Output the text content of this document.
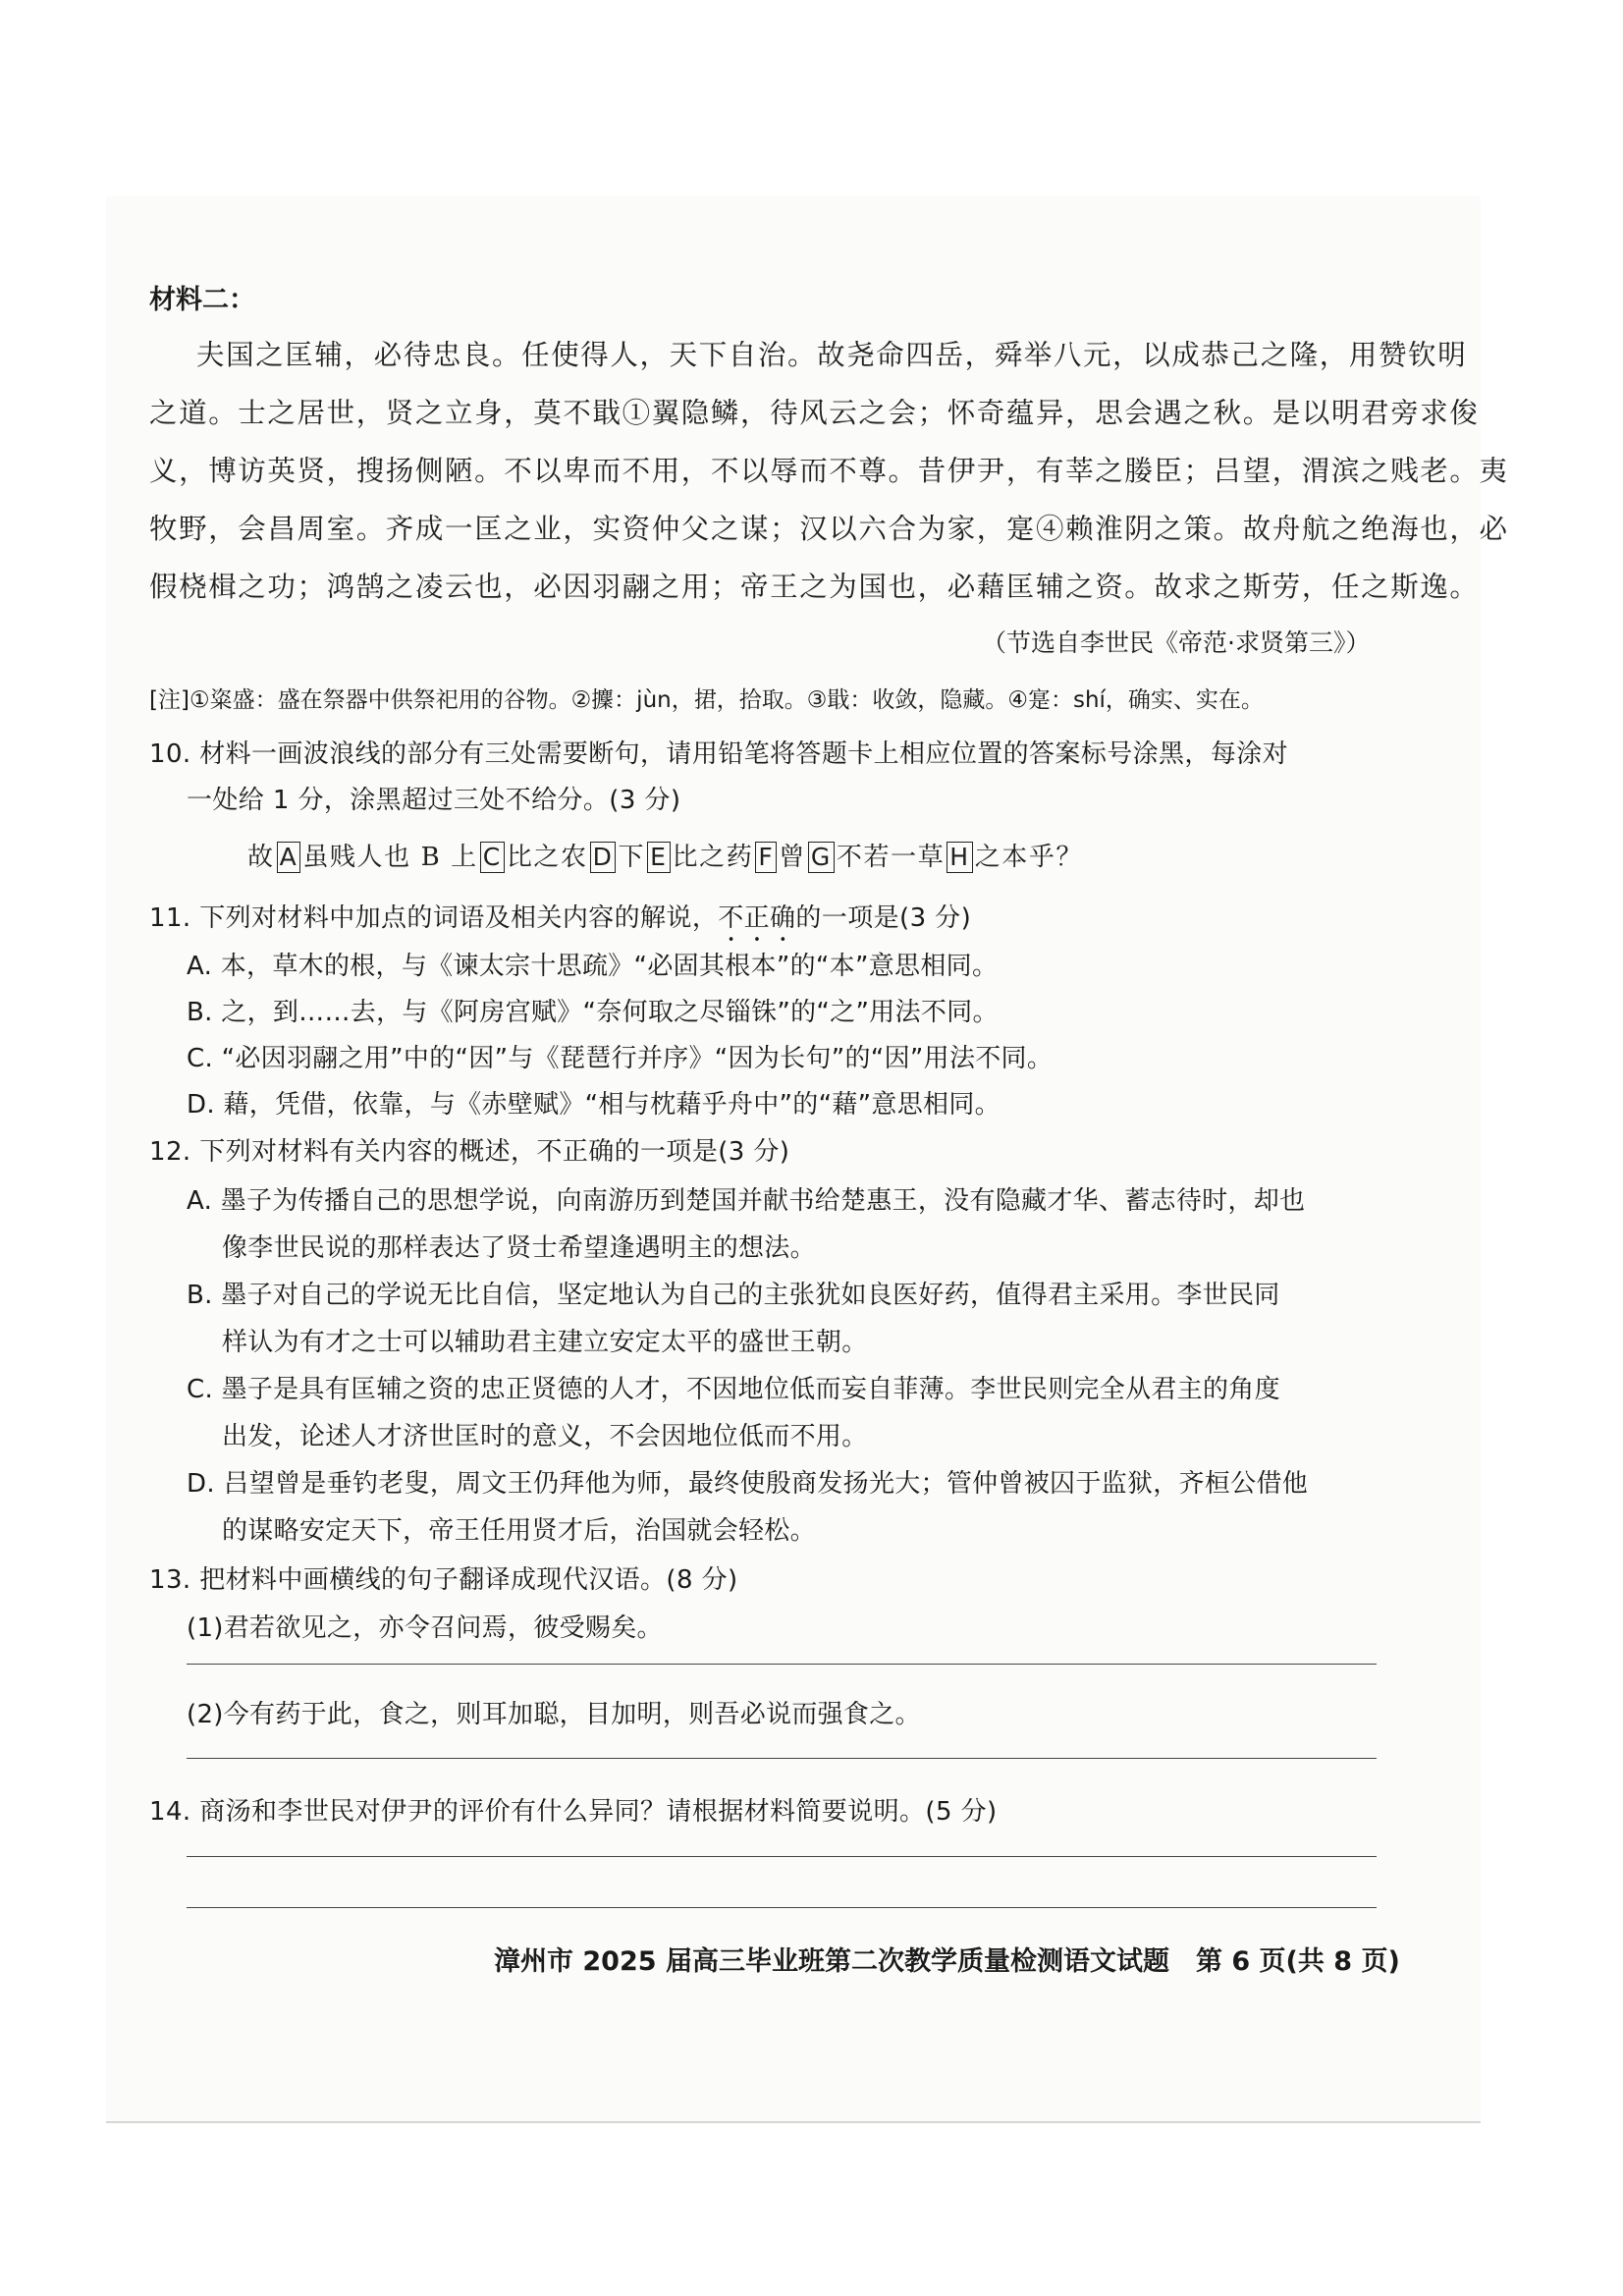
材料二：
夫国之匡辅，必待忠良。任使得人，天下自治。故尧命四岳，舜举八元，以成恭己之隆，用赞钦明
之道。士之居世，贤之立身，莫不戢①翼隐鳞，待风云之会；怀奇蕴异，思会遇之秋。是以明君旁求俊
义，博访英贤，搜扬侧陋。不以卑而不用，不以辱而不尊。昔伊尹，有莘之媵臣；吕望，渭滨之贱老。夷
牧野，会昌周室。齐成一匡之业，实资仲父之谋；汉以六合为家，寔④赖淮阴之策。故舟航之绝海也，必
假桡楫之功；鸿鹄之凌云也，必因羽翮之用；帝王之为国也，必藉匡辅之资。故求之斯劳，任之斯逸。
（节选自李世民《帝范·求贤第三》）
[注]①粢盛：盛在祭器中供祭祀用的谷物。②攈：jùn，捃，拾取。③戢：收敛，隐藏。④寔：shí，确实、实在。
10. 材料一画波浪线的部分有三处需要断句，请用铅笔将答题卡上相应位置的答案标号涂黑，每涂对
一处给 1 分，涂黑超过三处不给分。(3 分)
故 A 虽贱人也 B 上 C 比之农 D 下 E 比之药 F 曾 G 不若一草 H 之本乎？
11. 下列对材料中加点的词语及相关内容的解说，不正确的一项是(3 分)
A. 本，草木的根，与《谏太宗十思疏》“必固其根本”的“本”意思相同。
B. 之，到……去，与《阿房宫赋》“奈何取之尽锱铢”的“之”用法不同。
C. “必因羽翮之用”中的“因”与《琵琶行并序》“因为长句”的“因”用法不同。
D. 藉，凭借，依靠，与《赤壁赋》“相与枕藉乎舟中”的“藉”意思相同。
12. 下列对材料有关内容的概述，不正确的一项是(3 分)
A. 墨子为传播自己的思想学说，向南游历到楚国并献书给楚惠王，没有隐藏才华、蓄志待时，却也
像李世民说的那样表达了贤士希望逢遇明主的想法。
B. 墨子对自己的学说无比自信，坚定地认为自己的主张犹如良医好药，值得君主采用。李世民同
样认为有才之士可以辅助君主建立安定太平的盛世王朝。
C. 墨子是具有匡辅之资的忠正贤德的人才，不因地位低而妄自菲薄。李世民则完全从君主的角度
出发，论述人才济世匡时的意义，不会因地位低而不用。
D. 吕望曾是垂钓老叟，周文王仍拜他为师，最终使殷商发扬光大；管仲曾被囚于监狱，齐桓公借他
的谋略安定天下，帝王任用贤才后，治国就会轻松。
13. 把材料中画横线的句子翻译成现代汉语。(8 分)
(1)君若欲见之，亦令召问焉，彼受赐矣。
(2)今有药于此，食之，则耳加聪，目加明，则吾必说而强食之。
14. 商汤和李世民对伊尹的评价有什么异同？请根据材料简要说明。(5 分)
漳州市 2025 届高三毕业班第二次教学质量检测语文试题　第 6 页(共 8 页)
